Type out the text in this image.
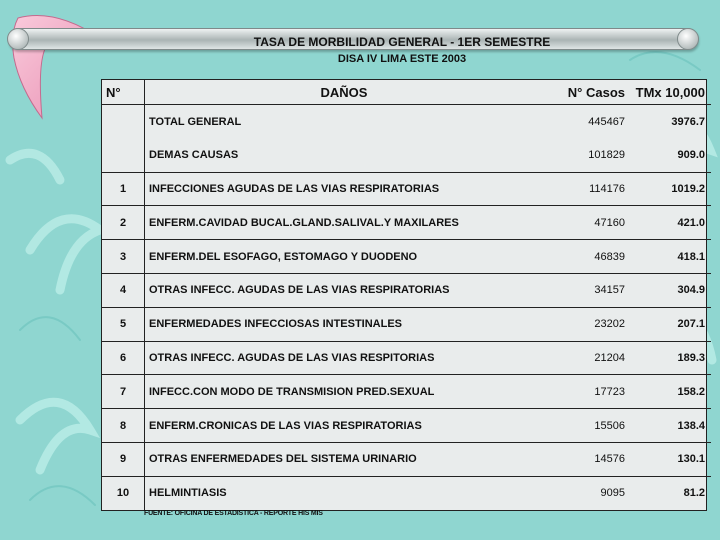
TASA DE MORBILIDAD GENERAL - 1ER SEMESTRE
DISA IV LIMA ESTE 2003
N°	DAÑOS	N° Casos	TMx 10,000
	TOTAL GENERAL	445467	3976.7
	DEMAS CAUSAS	101829	909.0
1	INFECCIONES AGUDAS DE LAS VIAS RESPIRATORIAS	114176	1019.2
2	ENFERM.CAVIDAD BUCAL.GLAND.SALIVAL.Y MAXILARES	47160	421.0
3	ENFERM.DEL ESOFAGO, ESTOMAGO Y DUODENO	46839	418.1
4	OTRAS INFECC. AGUDAS DE LAS VIAS RESPIRATORIAS	34157	304.9
5	ENFERMEDADES INFECCIOSAS INTESTINALES	23202	207.1
6	OTRAS INFECC. AGUDAS DE LAS VIAS RESPITORIAS	21204	189.3
7	INFECC.CON MODO DE TRANSMISION PRED.SEXUAL	17723	158.2
8	ENFERM.CRONICAS DE LAS VIAS RESPIRATORIAS	15506	138.4
9	OTRAS ENFERMEDADES DEL SISTEMA URINARIO	14576	130.1
10	HELMINTIASIS	9095	81.2
FUENTE: OFICINA DE ESTADISTICA - REPORTE HIS MIS
